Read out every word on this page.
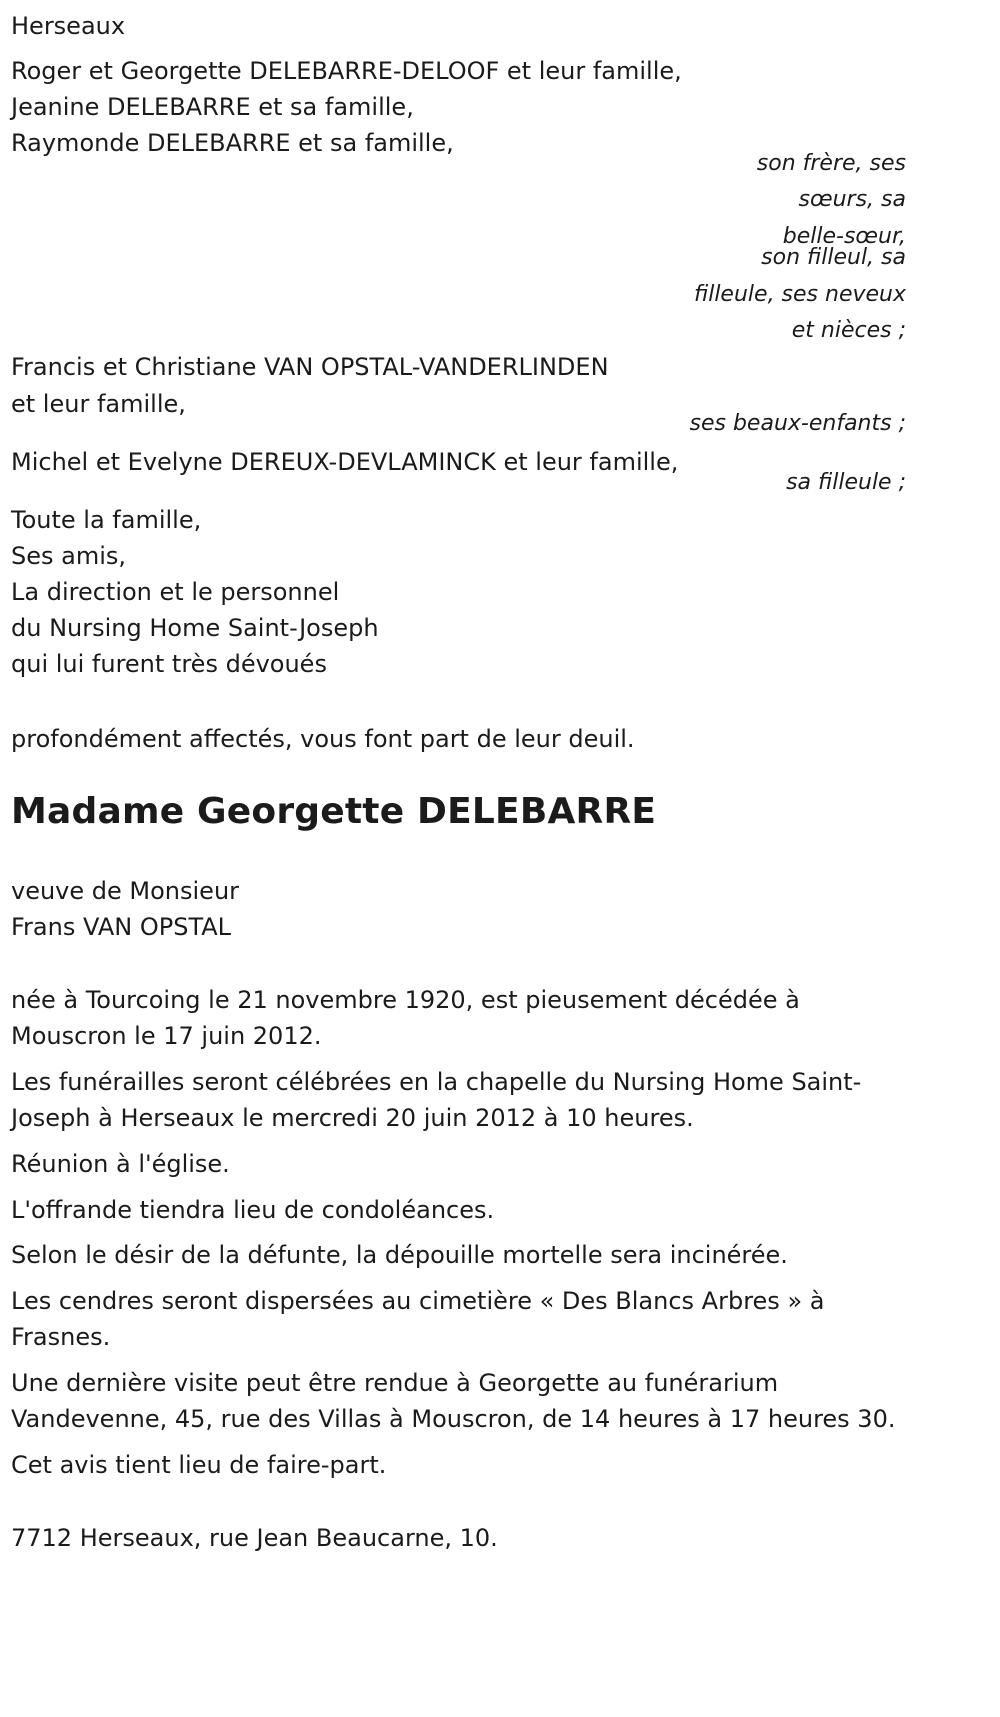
Herseaux
Roger et Georgette DELEBARRE-DELOOF et leur famille,
Jeanine DELEBARRE et sa famille,
Raymonde DELEBARRE et sa famille,
son frère, ses
sœurs, sa
belle-sœur,
son filleul, sa
filleule, ses neveux
et nièces ;
Francis et Christiane VAN OPSTAL-VANDERLINDEN
et leur famille,
ses beaux-enfants ;
Michel et Evelyne DEREUX-DEVLAMINCK et leur famille,
sa filleule ;
Toute la famille,
Ses amis,
La direction et le personnel
du Nursing Home Saint-Joseph
qui lui furent très dévoués
profondément affectés, vous font part de leur deuil.
Madame Georgette DELEBARRE
veuve de Monsieur
Frans VAN OPSTAL
née à Tourcoing le 21 novembre 1920, est pieusement décédée à
Mouscron le 17 juin 2012.
Les funérailles seront célébrées en la chapelle du Nursing Home Saint-
Joseph à Herseaux le mercredi 20 juin 2012 à 10 heures.
Réunion à l'église.
L'offrande tiendra lieu de condoléances.
Selon le désir de la défunte, la dépouille mortelle sera incinérée.
Les cendres seront dispersées au cimetière « Des Blancs Arbres » à
Frasnes.
Une dernière visite peut être rendue à Georgette au funérarium
Vandevenne, 45, rue des Villas à Mouscron, de 14 heures à 17 heures 30.
Cet avis tient lieu de faire-part.
7712 Herseaux, rue Jean Beaucarne, 10.
